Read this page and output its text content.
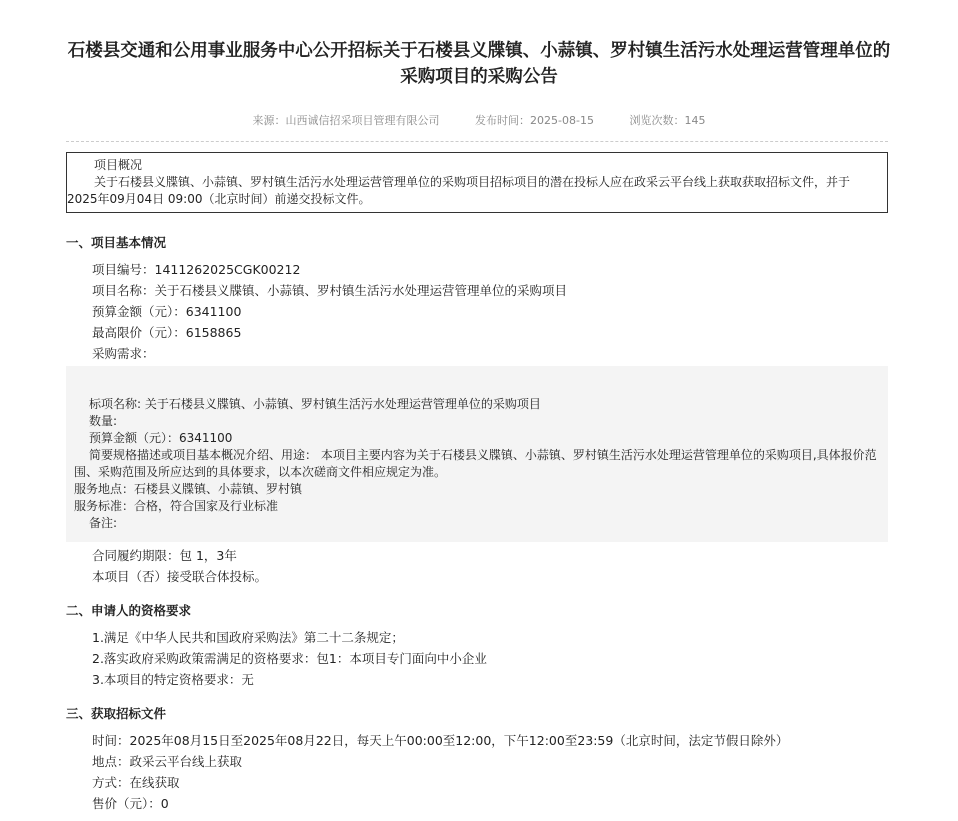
石楼县交通和公用事业服务中心公开招标关于石楼县义牒镇、小蒜镇、罗村镇生活污水处理运营管理单位的采购项目的采购公告
来源：山西诚信招采项目管理有限公司	发布时间：2025-08-15	浏览次数：145
项目概况
关于石楼县义牒镇、小蒜镇、罗村镇生活污水处理运营管理单位的采购项目招标项目的潜在投标人应在政采云平台线上获取获取招标文件，并于2025年09月04日 09:00（北京时间）前递交投标文件。
一、项目基本情况
项目编号：1411262025CGK00212
项目名称：关于石楼县义牒镇、小蒜镇、罗村镇生活污水处理运营管理单位的采购项目
预算金额（元）：6341100
最高限价（元）：6158865
采购需求：
标项名称: 关于石楼县义牒镇、小蒜镇、罗村镇生活污水处理运营管理单位的采购项目
数量:
预算金额（元）：6341100
简要规格描述或项目基本概况介绍、用途： 本项目主要内容为关于石楼县义牒镇、小蒜镇、罗村镇生活污水处理运营管理单位的采购项目,具体报价范围、采购范围及所应达到的具体要求，以本次磋商文件相应规定为准。
服务地点：石楼县义牒镇、小蒜镇、罗村镇
服务标准：合格，符合国家及行业标准
备注:
合同履约期限：包 1，3年
本项目（否）接受联合体投标。
二、申请人的资格要求
1.满足《中华人民共和国政府采购法》第二十二条规定；
2.落实政府采购政策需满足的资格要求：包1：本项目专门面向中小企业
3.本项目的特定资格要求：无
三、获取招标文件
时间：2025年08月15日至2025年08月22日，每天上午00:00至12:00，下午12:00至23:59（北京时间，法定节假日除外）
地点：政采云平台线上获取
方式：在线获取
售价（元）：0
